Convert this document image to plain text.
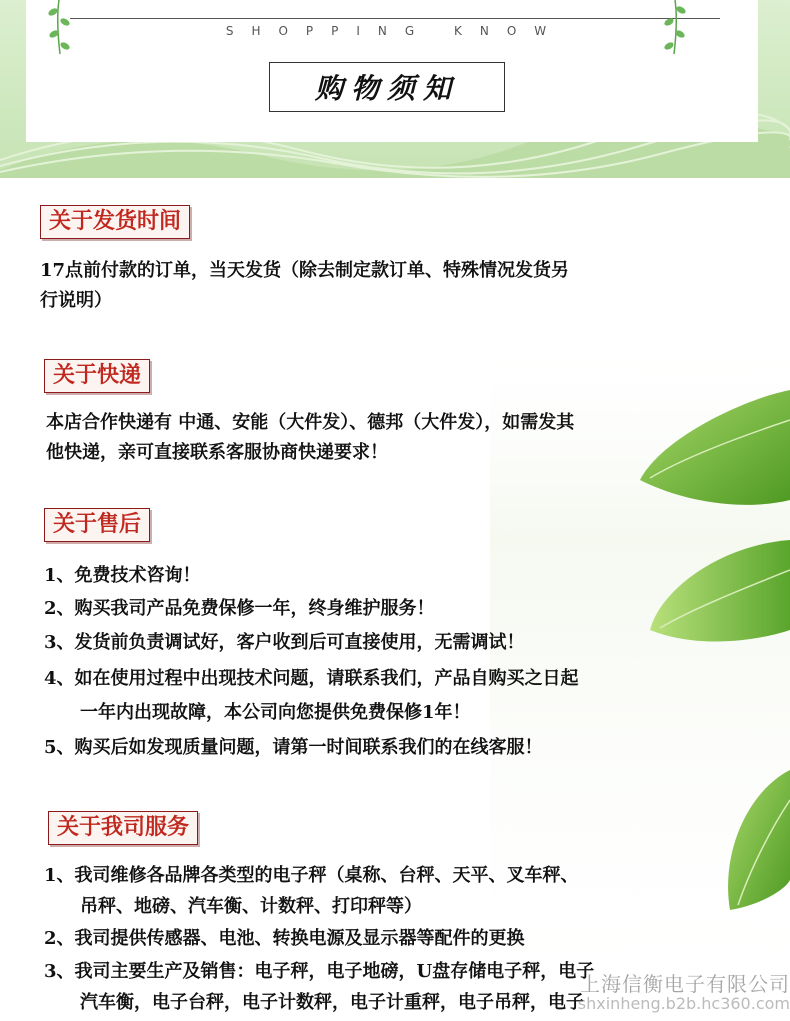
SHOPPING KNOW
购物须知
关于发货时间
17点前付款的订单，当天发货（除去制定款订单、特殊情况发货另
行说明）
关于快递
本店合作快递有 中通、安能（大件发）、德邦（大件发），如需发其
他快递，亲可直接联系客服协商快递要求！
关于售后
1、免费技术咨询！
2、购买我司产品免费保修一年，终身维护服务！
3、发货前负责调试好，客户收到后可直接使用，无需调试！
4、如在使用过程中出现技术问题，请联系我们，产品自购买之日起
一年内出现故障，本公司向您提供免费保修1年！
5、购买后如发现质量问题，请第一时间联系我们的在线客服！
关于我司服务
1、我司维修各品牌各类型的电子秤（桌称、台秤、天平、叉车秤、
吊秤、地磅、汽车衡、计数秤、打印秤等）
2、我司提供传感器、电池、转换电源及显示器等配件的更换
3、我司主要生产及销售：电子秤，电子地磅，U盘存储电子秤，电子
汽车衡，电子台秤，电子计数秤，电子计重秤，电子吊秤，电子
上海信衡电子有限公司
shxinheng.b2b.hc360.com
